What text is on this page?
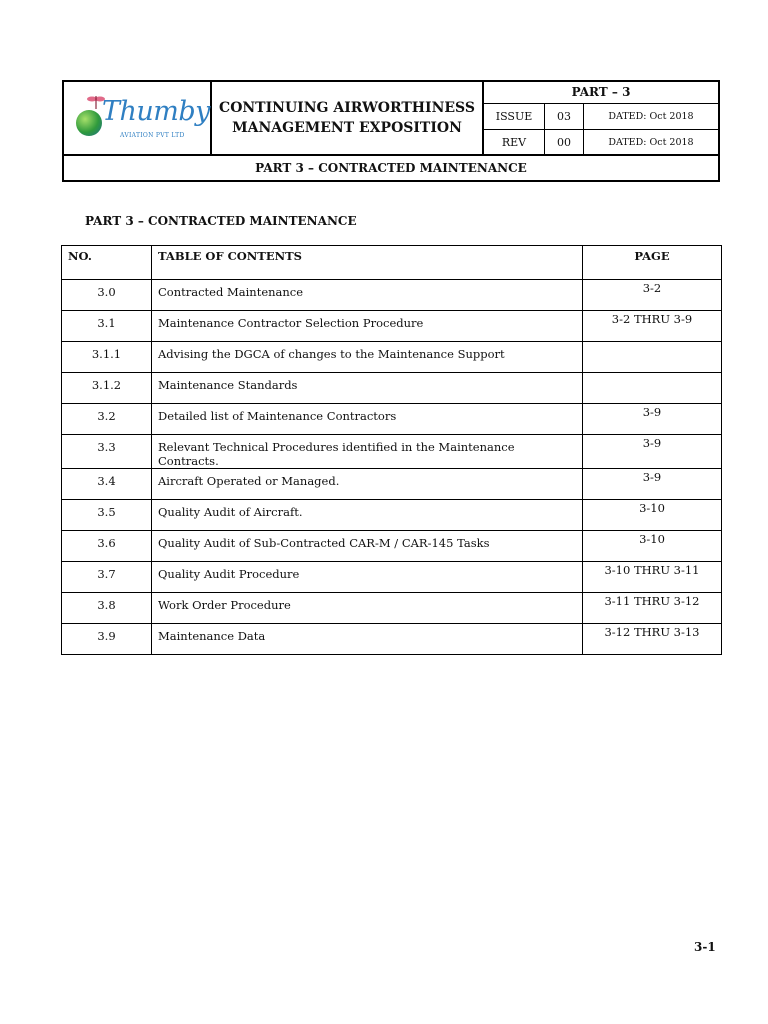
Thumby
AVIATION PVT LTD
CONTINUING AIRWORTHINESS
MANAGEMENT EXPOSITION
PART – 3
ISSUE	03	DATED: Oct 2018
REV	00	DATED: Oct 2018
PART 3 – CONTRACTED MAINTENANCE
PART 3 – CONTRACTED MAINTENANCE
NO.	TABLE OF CONTENTS	PAGE
3.0	Contracted Maintenance	3-2
3.1	Maintenance Contractor Selection Procedure	3-2 THRU 3-9
3.1.1	Advising the DGCA of changes to the Maintenance Support	
3.1.2	Maintenance Standards	
3.2	Detailed list of Maintenance Contractors	3-9
3.3	Relevant Technical Procedures identified in the Maintenance Contracts.	3-9
3.4	Aircraft Operated or Managed.	3-9
3.5	Quality Audit of Aircraft.	3-10
3.6	Quality Audit of Sub-Contracted CAR-M / CAR-145 Tasks	3-10
3.7	Quality Audit Procedure	3-10 THRU 3-11
3.8	Work Order Procedure	3-11 THRU 3-12
3.9	Maintenance Data	3-12 THRU 3-13
3-1
